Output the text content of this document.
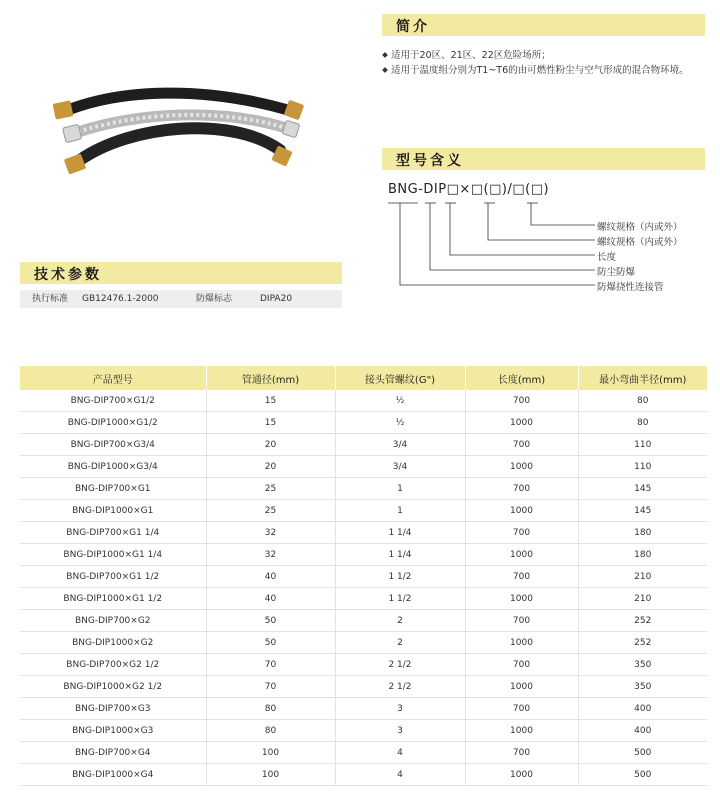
简介
适用于20区、21区、22区危险场所；
适用于温度组分别为T1~T6的由可燃性粉尘与空气形成的混合物环境。
型号含义
BNG-DIP□×□(□)/□(□)
螺纹规格（内或外）
螺纹规格（内或外）
长度
防尘防爆
防爆挠性连接管
技术参数
执行标准 GB12476.1-2000	防爆标志	DIPA20
产品型号	管通径(mm)	接头管螺纹(G")	长度(mm)	最小弯曲半径(mm)
BNG-DIP700×G1/2	15	½	700	80
BNG-DIP1000×G1/2	15	½	1000	80
BNG-DIP700×G3/4	20	3/4	700	110
BNG-DIP1000×G3/4	20	3/4	1000	110
BNG-DIP700×G1	25	1	700	145
BNG-DIP1000×G1	25	1	1000	145
BNG-DIP700×G1 1/4	32	1 1/4	700	180
BNG-DIP1000×G1 1/4	32	1 1/4	1000	180
BNG-DIP700×G1 1/2	40	1 1/2	700	210
BNG-DIP1000×G1 1/2	40	1 1/2	1000	210
BNG-DIP700×G2	50	2	700	252
BNG-DIP1000×G2	50	2	1000	252
BNG-DIP700×G2 1/2	70	2 1/2	700	350
BNG-DIP1000×G2 1/2	70	2 1/2	1000	350
BNG-DIP700×G3	80	3	700	400
BNG-DIP1000×G3	80	3	1000	400
BNG-DIP700×G4	100	4	700	500
BNG-DIP1000×G4	100	4	1000	500
